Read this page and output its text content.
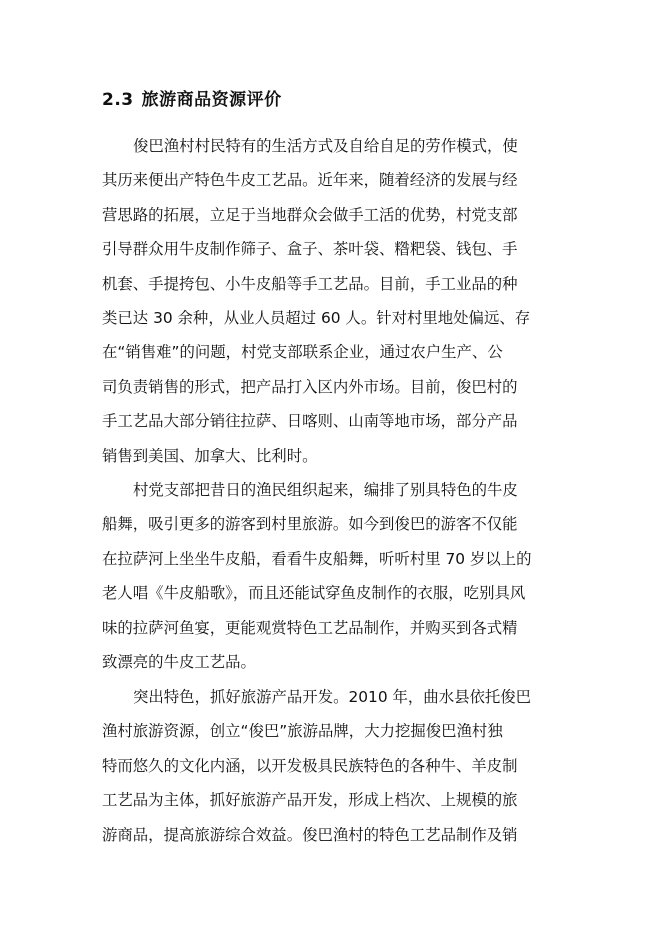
2.3 旅游商品资源评价
俊巴渔村村民特有的生活方式及自给自足的劳作模式，使
其历来便出产特色牛皮工艺品。近年来，随着经济的发展与经
营思路的拓展，立足于当地群众会做手工活的优势，村党支部
引导群众用牛皮制作筛子、盒子、茶叶袋、糌粑袋、钱包、手
机套、手提挎包、小牛皮船等手工艺品。目前，手工业品的种
类已达 30 余种，从业人员超过 60 人。针对村里地处偏远、存
在“销售难”的问题，村党支部联系企业，通过农户生产、公
司负责销售的形式，把产品打入区内外市场。目前，俊巴村的
手工艺品大部分销往拉萨、日喀则、山南等地市场，部分产品
销售到美国、加拿大、比利时。
村党支部把昔日的渔民组织起来，编排了别具特色的牛皮
船舞，吸引更多的游客到村里旅游。如今到俊巴的游客不仅能
在拉萨河上坐坐牛皮船，看看牛皮船舞，听听村里 70 岁以上的
老人唱《牛皮船歌》，而且还能试穿鱼皮制作的衣服，吃别具风
味的拉萨河鱼宴，更能观赏特色工艺品制作，并购买到各式精
致漂亮的牛皮工艺品。
突出特色，抓好旅游产品开发。2010 年，曲水县依托俊巴
渔村旅游资源，创立“俊巴”旅游品牌，大力挖掘俊巴渔村独
特而悠久的文化内涵，以开发极具民族特色的各种牛、羊皮制
工艺品为主体，抓好旅游产品开发，形成上档次、上规模的旅
游商品，提高旅游综合效益。俊巴渔村的特色工艺品制作及销
